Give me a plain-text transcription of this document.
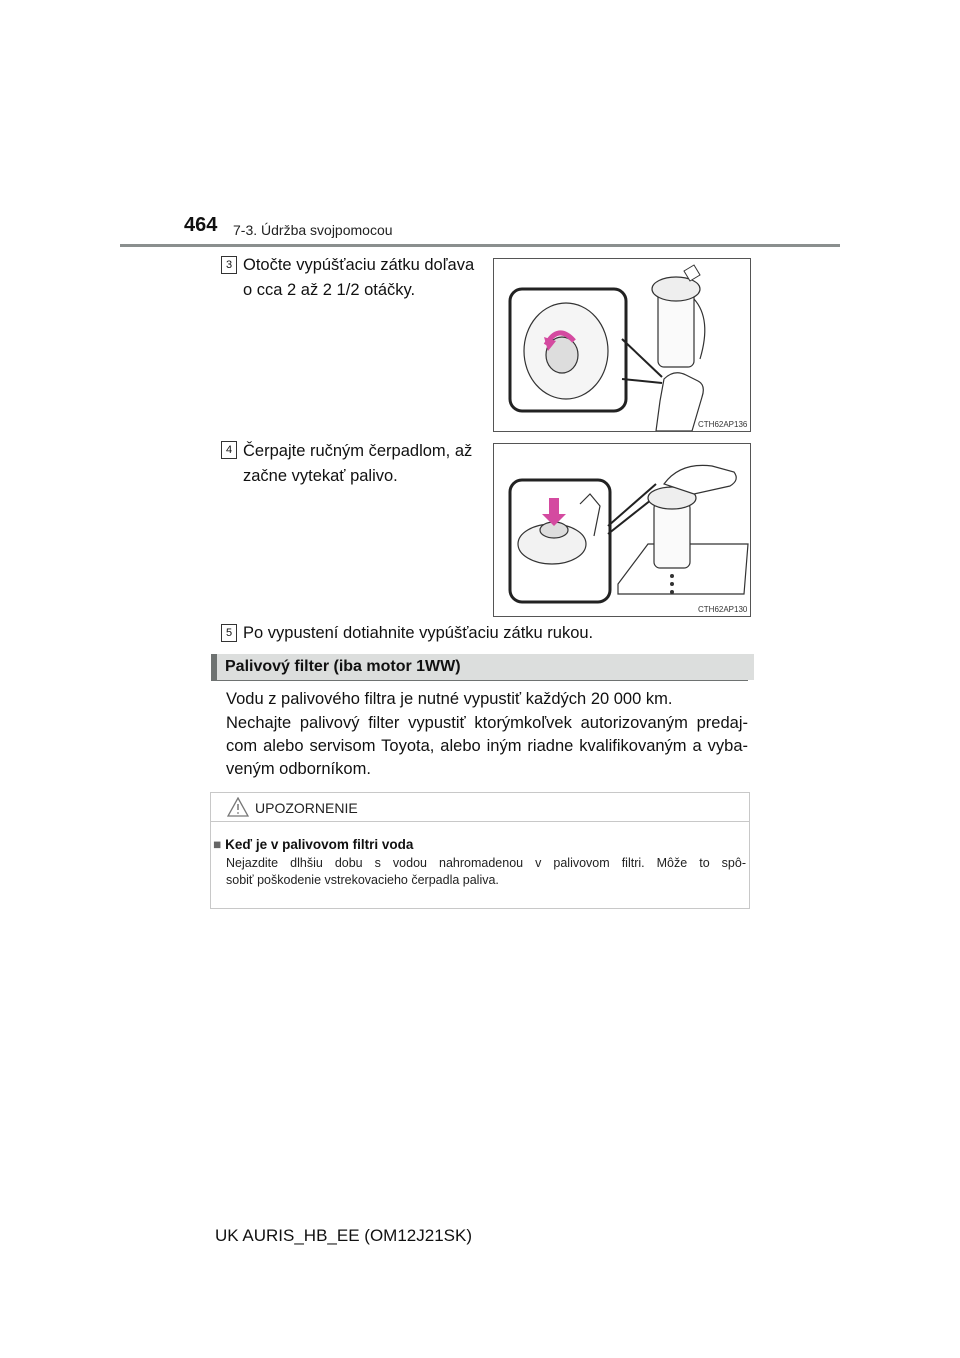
464 7-3. Údržba svojpomocou
3 Otočte vypúšťaciu zátku doľava
o cca 2 až 2 1/2 otáčky.
CTH62AP136
4 Čerpajte ručným čerpadlom, až
začne vytekať palivo.
CTH62AP130
5 Po vypustení dotiahnite vypúšťaciu zátku rukou.
Palivový filter (iba motor 1WW)
Vodu z palivového filtra je nutné vypustiť každých 20 000 km.
Nechajte palivový filter vypustiť ktorýmkoľvek autorizovaným predaj-
com alebo servisom Toyota, alebo iným riadne kvalifikovaným a vyba-
veným odborníkom.
UPOZORNENIE
■ Keď je v palivovom filtri voda
Nejazdite dlhšiu dobu s vodou nahromadenou v palivovom filtri. Môže to spô-
sobiť poškodenie vstrekovacieho čerpadla paliva.
UK AURIS_HB_EE (OM12J21SK)
